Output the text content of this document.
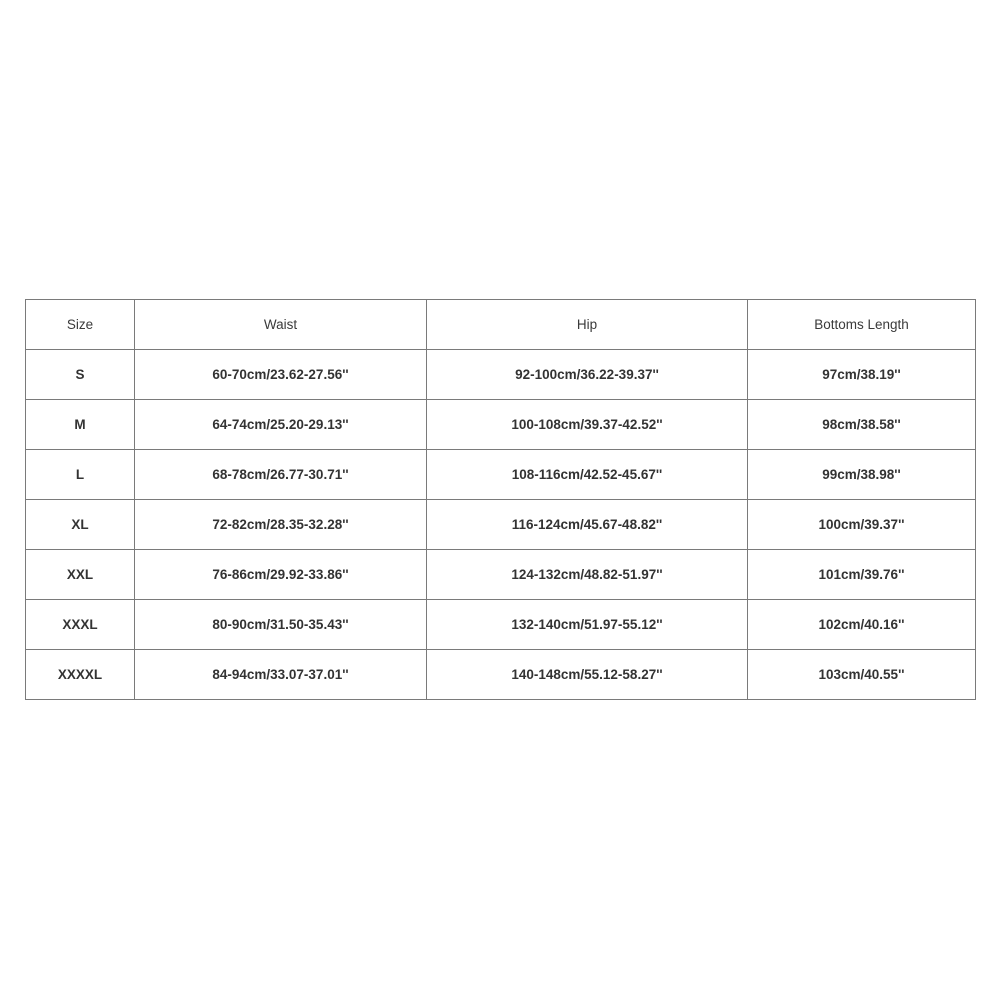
Size	Waist	Hip	Bottoms Length
S	60-70cm/23.62-27.56''	92-100cm/36.22-39.37''	97cm/38.19''
M	64-74cm/25.20-29.13''	100-108cm/39.37-42.52''	98cm/38.58''
L	68-78cm/26.77-30.71''	108-116cm/42.52-45.67''	99cm/38.98''
XL	72-82cm/28.35-32.28''	116-124cm/45.67-48.82''	100cm/39.37''
XXL	76-86cm/29.92-33.86''	124-132cm/48.82-51.97''	101cm/39.76''
XXXL	80-90cm/31.50-35.43''	132-140cm/51.97-55.12''	102cm/40.16''
XXXXL	84-94cm/33.07-37.01''	140-148cm/55.12-58.27''	103cm/40.55''
